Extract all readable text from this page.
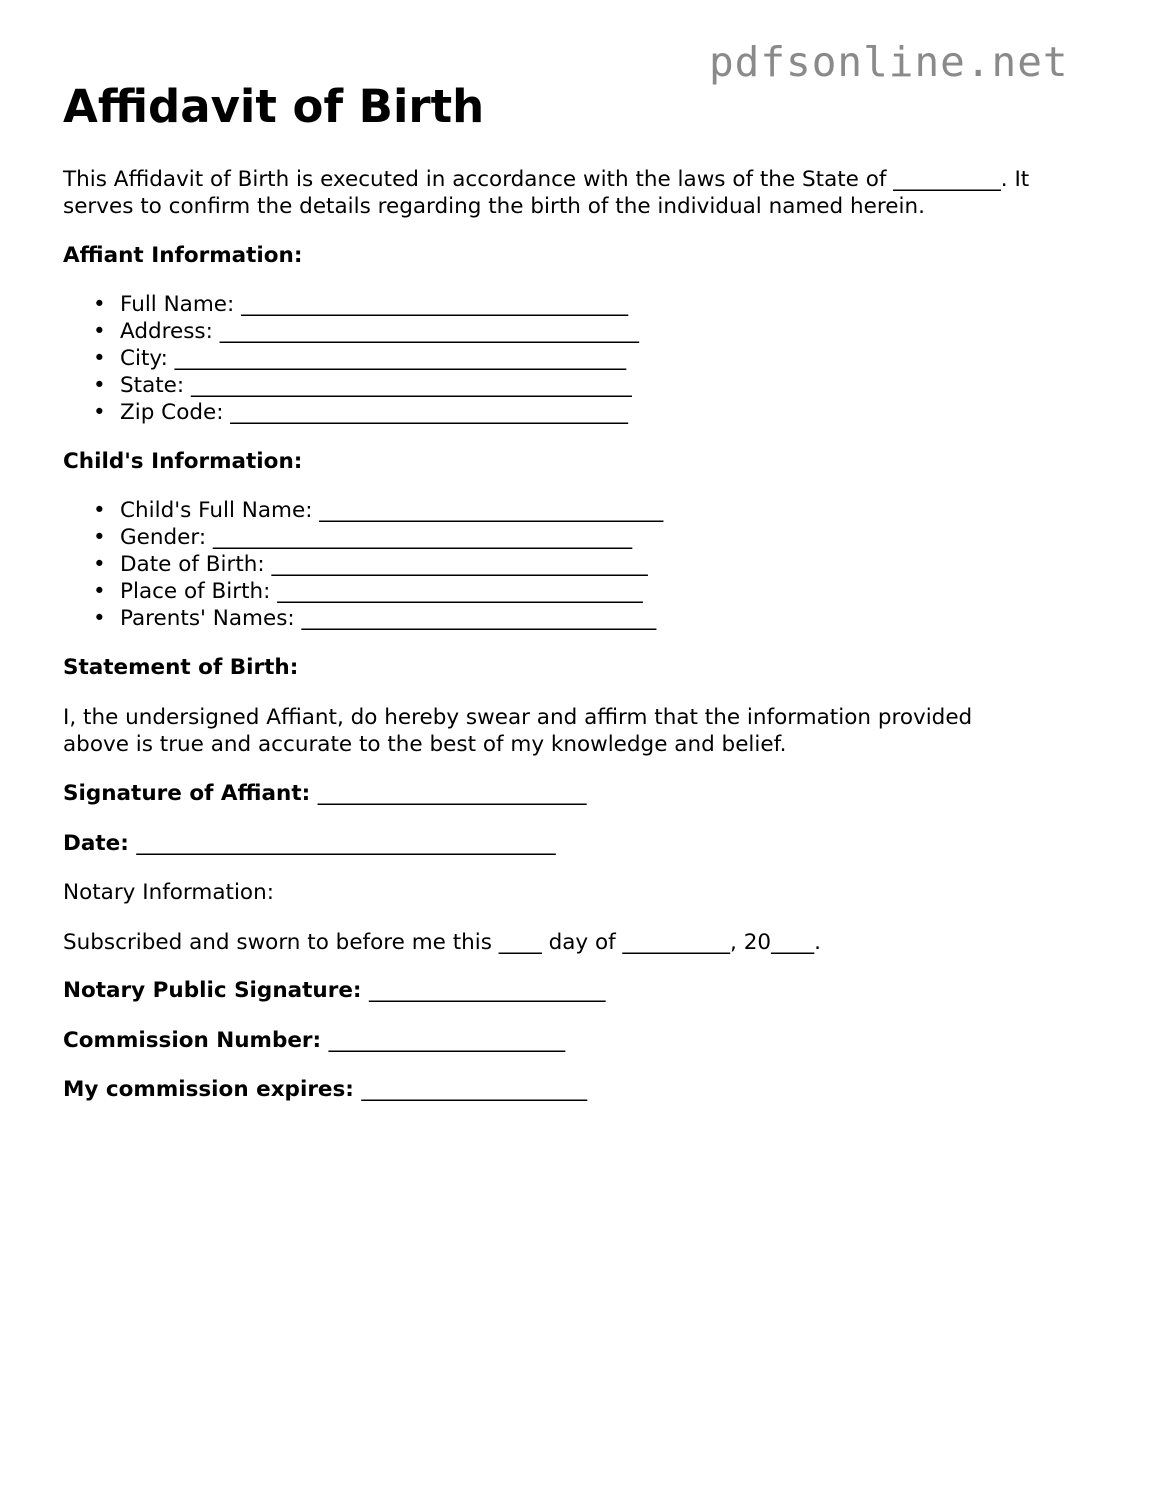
pdfsonline.net
Affidavit of Birth
This Affidavit of Birth is executed in accordance with the laws of the State of __________. It
serves to confirm the details regarding the birth of the individual named herein.
Affiant Information:
• Full Name: ____________________________________
• Address: _______________________________________
• City: __________________________________________
• State: _________________________________________
• Zip Code: _____________________________________
Child's Information:
• Child's Full Name: ________________________________
• Gender: _______________________________________
• Date of Birth: ___________________________________
• Place of Birth: __________________________________
• Parents' Names: _________________________________
Statement of Birth:
I, the undersigned Affiant, do hereby swear and affirm that the information provided
above is true and accurate to the best of my knowledge and belief.
Signature of Affiant: _________________________
Date: _______________________________________
Notary Information:
Subscribed and sworn to before me this ____ day of __________, 20____.
Notary Public Signature: ______________________
Commission Number: ______________________
My commission expires: _____________________
